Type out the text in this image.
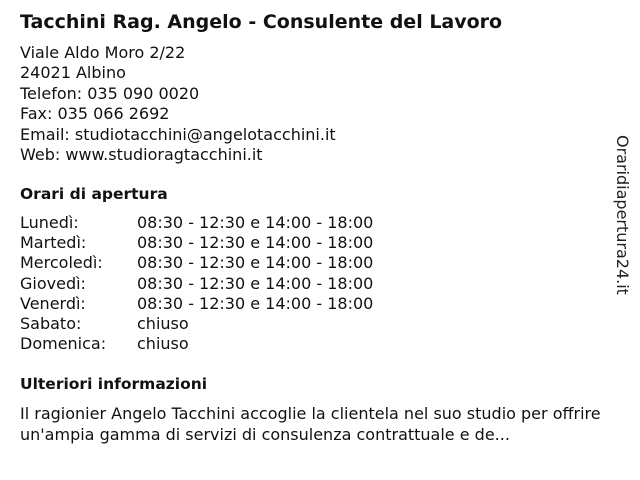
Tacchini Rag. Angelo - Consulente del Lavoro
Viale Aldo Moro 2/22
24021 Albino
Telefon: 035 090 0020
Fax: 035 066 2692
Email: studiotacchini@angelotacchini.it
Web: www.studioragtacchini.it
Orari di apertura
Lunedì:	08:30 - 12:30 e 14:00 - 18:00
Martedì:	08:30 - 12:30 e 14:00 - 18:00
Mercoledì:	08:30 - 12:30 e 14:00 - 18:00
Giovedì:	08:30 - 12:30 e 14:00 - 18:00
Venerdì:	08:30 - 12:30 e 14:00 - 18:00
Sabato:	chiuso
Domenica:	chiuso
Ulteriori informazioni
Il ragionier Angelo Tacchini accoglie la clientela nel suo studio per offrire un'ampia gamma di servizi di consulenza contrattuale e de...
Oraridiapertura24.it
